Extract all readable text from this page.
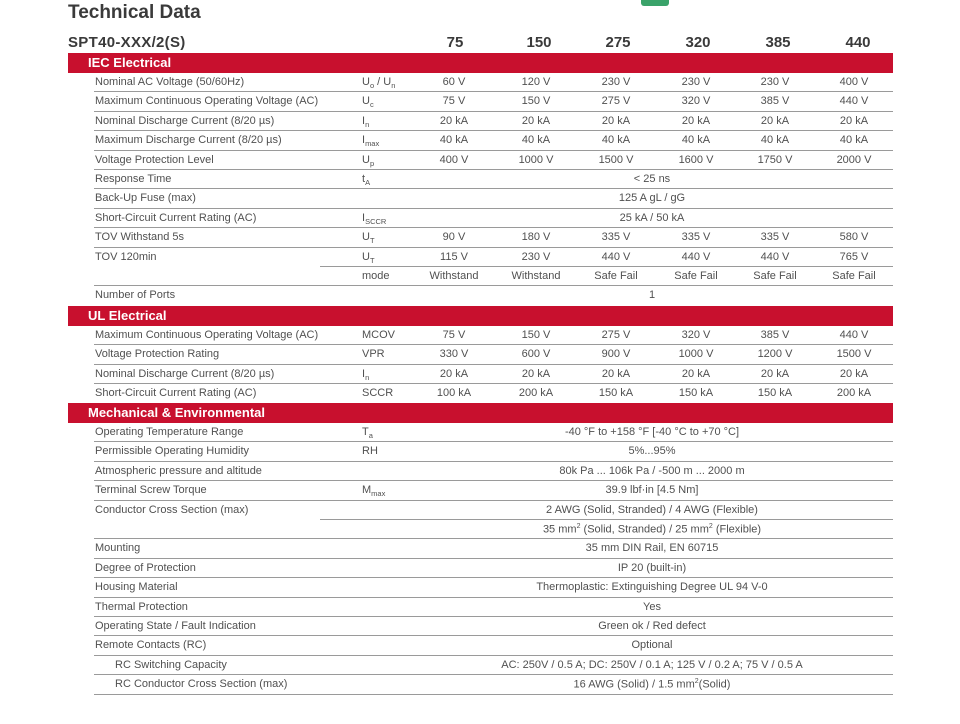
Technical Data
SPT40-XXX/2(S)	75	150	275	320	385	440
IEC Electrical
Nominal AC Voltage (50/60Hz)	$U_o / U_n$	60 V	120 V	230 V	230 V	230 V	400 V
Maximum Continuous Operating Voltage (AC)	$U_c$	75 V	150 V	275 V	320 V	385 V	440 V
Nominal Discharge Current (8/20 µs)	$I_n$	20 kA	20 kA	20 kA	20 kA	20 kA	20 kA
Maximum Discharge Current (8/20 µs)	$I_{max}$	40 kA	40 kA	40 kA	40 kA	40 kA	40 kA
Voltage Protection Level	$U_p$	400 V	1000 V	1500 V	1600 V	1750 V	2000 V
Response Time	$t_A$	< 25 ns
Back-Up Fuse (max)	125 A gL / gG
Short-Circuit Current Rating (AC)	$I_{SCCR}$	25 kA / 50 kA
TOV Withstand 5s	$U_T$	90 V	180 V	335 V	335 V	335 V	580 V
TOV 120min	$U_T$	115 V	230 V	440 V	440 V	440 V	765 V
mode	Withstand	Withstand	Safe Fail	Safe Fail	Safe Fail	Safe Fail
Number of Ports	1
UL Electrical
Maximum Continuous Operating Voltage (AC)	MCOV	75 V	150 V	275 V	320 V	385 V	440 V
Voltage Protection Rating	VPR	330 V	600 V	900 V	1000 V	1200 V	1500 V
Nominal Discharge Current (8/20 µs)	$I_n$	20 kA	20 kA	20 kA	20 kA	20 kA	20 kA
Short-Circuit Current Rating (AC)	SCCR	100 kA	200 kA	150 kA	150 kA	150 kA	200 kA
Mechanical & Environmental
Operating Temperature Range	$T_a$	-40 °F to +158 °F [-40 °C to +70 °C]
Permissible Operating Humidity	RH	5%...95%
Atmospheric pressure and altitude	80k Pa ... 106k Pa / -500 m ... 2000 m
Terminal Screw Torque	$M_{max}$	39.9 lbf·in [4.5 Nm]
Conductor Cross Section (max)	2 AWG (Solid, Stranded) / 4 AWG (Flexible)
35 $mm^2$ (Solid, Stranded) / 25 $mm^2$ (Flexible)
Mounting	35 mm DIN Rail, EN 60715
Degree of Protection	IP 20 (built-in)
Housing Material	Thermoplastic: Extinguishing Degree UL 94 V-0
Thermal Protection	Yes
Operating State / Fault Indication	Green ok / Red defect
Remote Contacts (RC)	Optional
RC Switching Capacity	AC: 250V / 0.5 A; DC: 250V / 0.1 A; 125 V / 0.2 A; 75 V / 0.5 A
RC Conductor Cross Section (max)	16 AWG (Solid) / 1.5 $mm^2(Solid)$
